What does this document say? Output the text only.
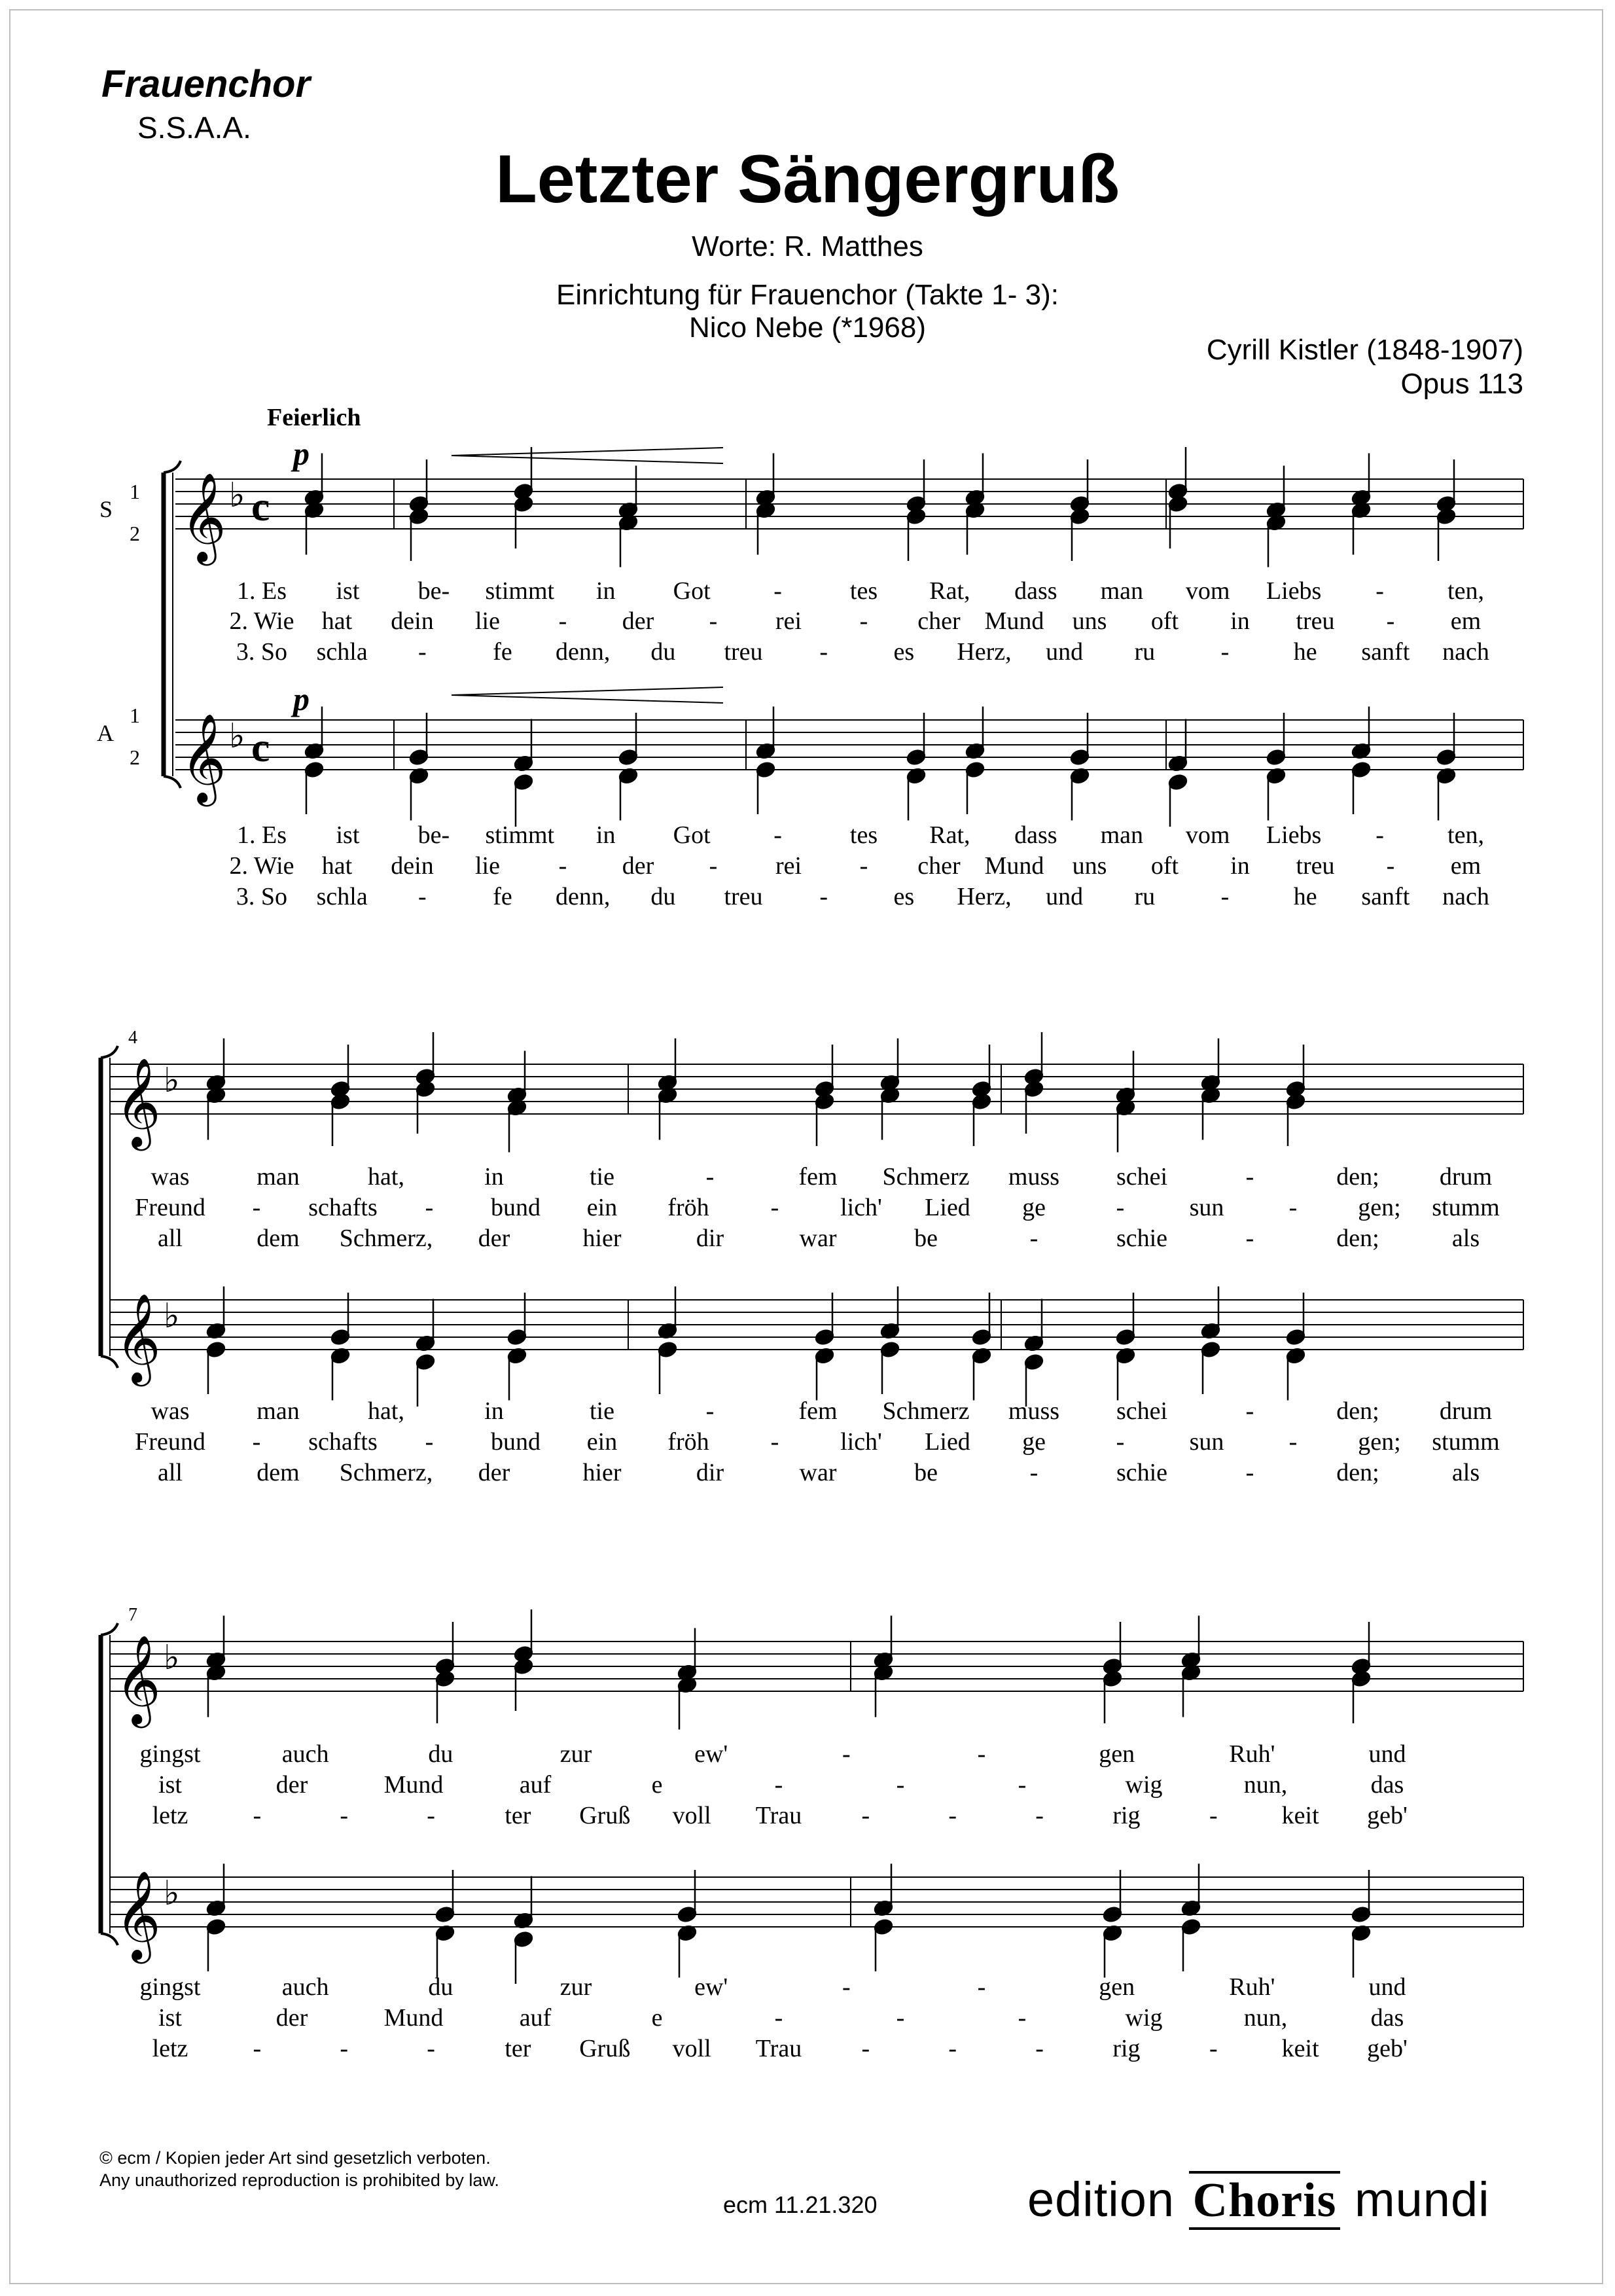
Frauenchor
S.S.A.A.
Letzter Sängergruß
Worte: R. Matthes
Einrichtung für Frauenchor (Takte 1- 3):
Nico Nebe (*1968)
Cyrill Kistler (1848-1907)
Opus 113
𝄞 ♭
𝄞 ♭
c
c
𝄞 ♭
𝄞 ♭
𝄞 ♭
𝄞 ♭
Feierlich
p
p
S
1
2
A
1
2
4
7
1. Es
1. Es
ist
ist
be-
be-
stimmt
stimmt
in
in
Got
Got
-
-
tes
tes
Rat,
Rat,
dass
dass
man
man
vom
vom
Liebs
Liebs
-
-
ten,
ten,
2. Wie
2. Wie
hat
hat
dein
dein
lie
lie
-
-
der
der
-
-
rei
rei
-
-
cher
cher
Mund
Mund
uns
uns
oft
oft
in
in
treu
treu
-
-
em
em
3. So
3. So
schla
schla
-
-
fe
fe
denn,
denn,
du
du
treu
treu
-
-
es
es
Herz,
Herz,
und
und
ru
ru
-
-
he
he
sanft
sanft
nach
nach
was
was
man
man
hat,
hat,
in
in
tie
tie
-
-
fem
fem
Schmerz
Schmerz
muss
muss
schei
schei
-
-
den;
den;
drum
drum
Freund
Freund
-
-
schafts
schafts
-
-
bund
bund
ein
ein
fröh
fröh
-
-
lich'
lich'
Lied
Lied
ge
ge
-
-
sun
sun
-
-
gen;
gen;
stumm
stumm
all
all
dem
dem
Schmerz,
Schmerz,
der
der
hier
hier
dir
dir
war
war
be
be
-
-
schie
schie
-
-
den;
den;
als
als
gingst
gingst
auch
auch
du
du
zur
zur
ew'
ew'
-
-
-
-
gen
gen
Ruh'
Ruh'
und
und
ist
ist
der
der
Mund
Mund
auf
auf
e
e
-
-
-
-
-
-
wig
wig
nun,
nun,
das
das
letz
letz
-
-
-
-
-
-
ter
ter
Gruß
Gruß
voll
voll
Trau
Trau
-
-
-
-
-
-
rig
rig
-
-
keit
keit
geb'
geb'
© ecm / Kopien jeder Art sind gesetzlich verboten.
Any unauthorized reproduction is prohibited by law.
ecm 11.21.320	edition Choris mundi
